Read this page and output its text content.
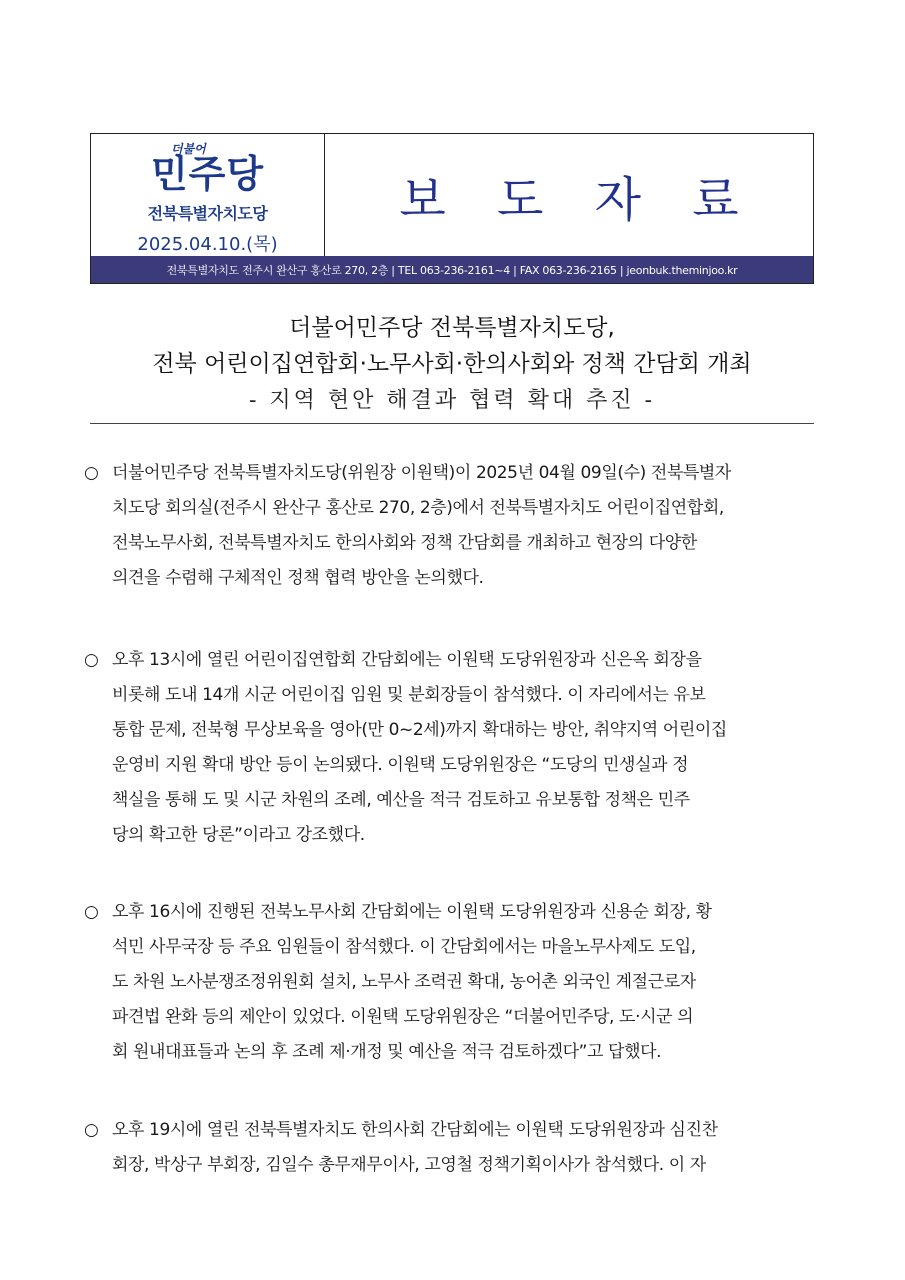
더불어
민주당
전북특별자치도당
2025.04.10.(목)
보 도 자 료
전북특별자치도 전주시 완산구 홍산로 270, 2층 | TEL 063-236-2161~4 | FAX 063-236-2165 | jeonbuk.theminjoo.kr
더불어민주당 전북특별자치도당,
전북 어린이집연합회·노무사회·한의사회와 정책 간담회 개최
- 지역 현안 해결과 협력 확대 추진 -
○ 더불어민주당 전북특별자치도당(위원장 이원택)이 2025년 04월 09일(수) 전북특별자
치도당 회의실(전주시 완산구 홍산로 270, 2층)에서 전북특별자치도 어린이집연합회,
전북노무사회, 전북특별자치도 한의사회와 정책 간담회를 개최하고 현장의 다양한
의견을 수렴해 구체적인 정책 협력 방안을 논의했다.
○ 오후 13시에 열린 어린이집연합회 간담회에는 이원택 도당위원장과 신은옥 회장을
비롯해 도내 14개 시군 어린이집 임원 및 분회장들이 참석했다. 이 자리에서는 유보
통합 문제, 전북형 무상보육을 영아(만 0~2세)까지 확대하는 방안, 취약지역 어린이집
운영비 지원 확대 방안 등이 논의됐다. 이원택 도당위원장은 “도당의 민생실과 정
책실을 통해 도 및 시군 차원의 조례, 예산을 적극 검토하고 유보통합 정책은 민주
당의 확고한 당론”이라고 강조했다.
○ 오후 16시에 진행된 전북노무사회 간담회에는 이원택 도당위원장과 신용순 회장, 황
석민 사무국장 등 주요 임원들이 참석했다. 이 간담회에서는 마을노무사제도 도입,
도 차원 노사분쟁조정위원회 설치, 노무사 조력권 확대, 농어촌 외국인 계절근로자
파견법 완화 등의 제안이 있었다. 이원택 도당위원장은 “더불어민주당, 도·시군 의
회 원내대표들과 논의 후 조례 제·개정 및 예산을 적극 검토하겠다”고 답했다.
○ 오후 19시에 열린 전북특별자치도 한의사회 간담회에는 이원택 도당위원장과 심진찬
회장, 박상구 부회장, 김일수 총무재무이사, 고영철 정책기획이사가 참석했다. 이 자
